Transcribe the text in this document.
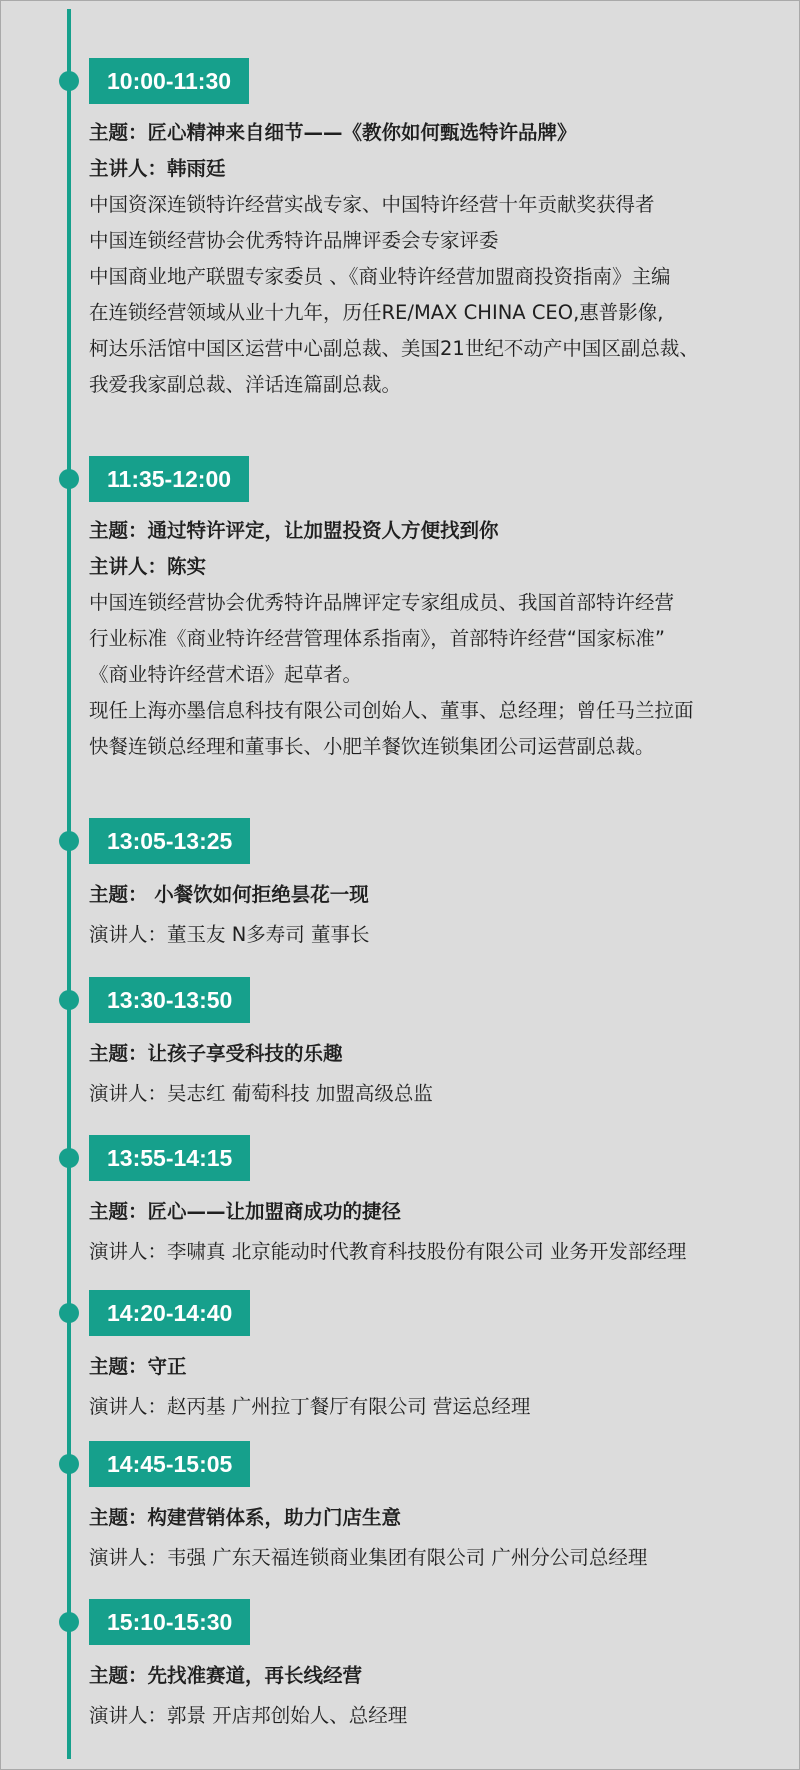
10:00-11:30
主题：匠心精神来自细节——《教你如何甄选特许品牌》
主讲人：韩雨廷
中国资深连锁特许经营实战专家、中国特许经营十年贡献奖获得者
中国连锁经营协会优秀特许品牌评委会专家评委
中国商业地产联盟专家委员 、《商业特许经营加盟商投资指南》主编
在连锁经营领域从业十九年，历任RE/MAX CHINA CEO,惠普影像,
柯达乐活馆中国区运营中心副总裁、美国21世纪不动产中国区副总裁、
我爱我家副总裁、洋话连篇副总裁。
11:35-12:00
主题：通过特许评定，让加盟投资人方便找到你
主讲人：陈实
中国连锁经营协会优秀特许品牌评定专家组成员、我国首部特许经营
行业标准《商业特许经营管理体系指南》，首部特许经营“国家标准”
《商业特许经营术语》起草者。
现任上海亦墨信息科技有限公司创始人、董事、总经理；曾任马兰拉面
快餐连锁总经理和董事长、小肥羊餐饮连锁集团公司运营副总裁。
13:05-13:25
主题： 小餐饮如何拒绝昙花一现
演讲人：董玉友 N多寿司 董事长
13:30-13:50
主题：让孩子享受科技的乐趣
演讲人：吴志红 葡萄科技 加盟高级总监
13:55-14:15
主题：匠心——让加盟商成功的捷径
演讲人：李啸真 北京能动时代教育科技股份有限公司 业务开发部经理
14:20-14:40
主题：守正
演讲人：赵丙基 广州拉丁餐厅有限公司 营运总经理
14:45-15:05
主题：构建营销体系，助力门店生意
演讲人：韦强 广东天福连锁商业集团有限公司 广州分公司总经理
15:10-15:30
主题：先找准赛道，再长线经营
演讲人：郭景 开店邦创始人、总经理
